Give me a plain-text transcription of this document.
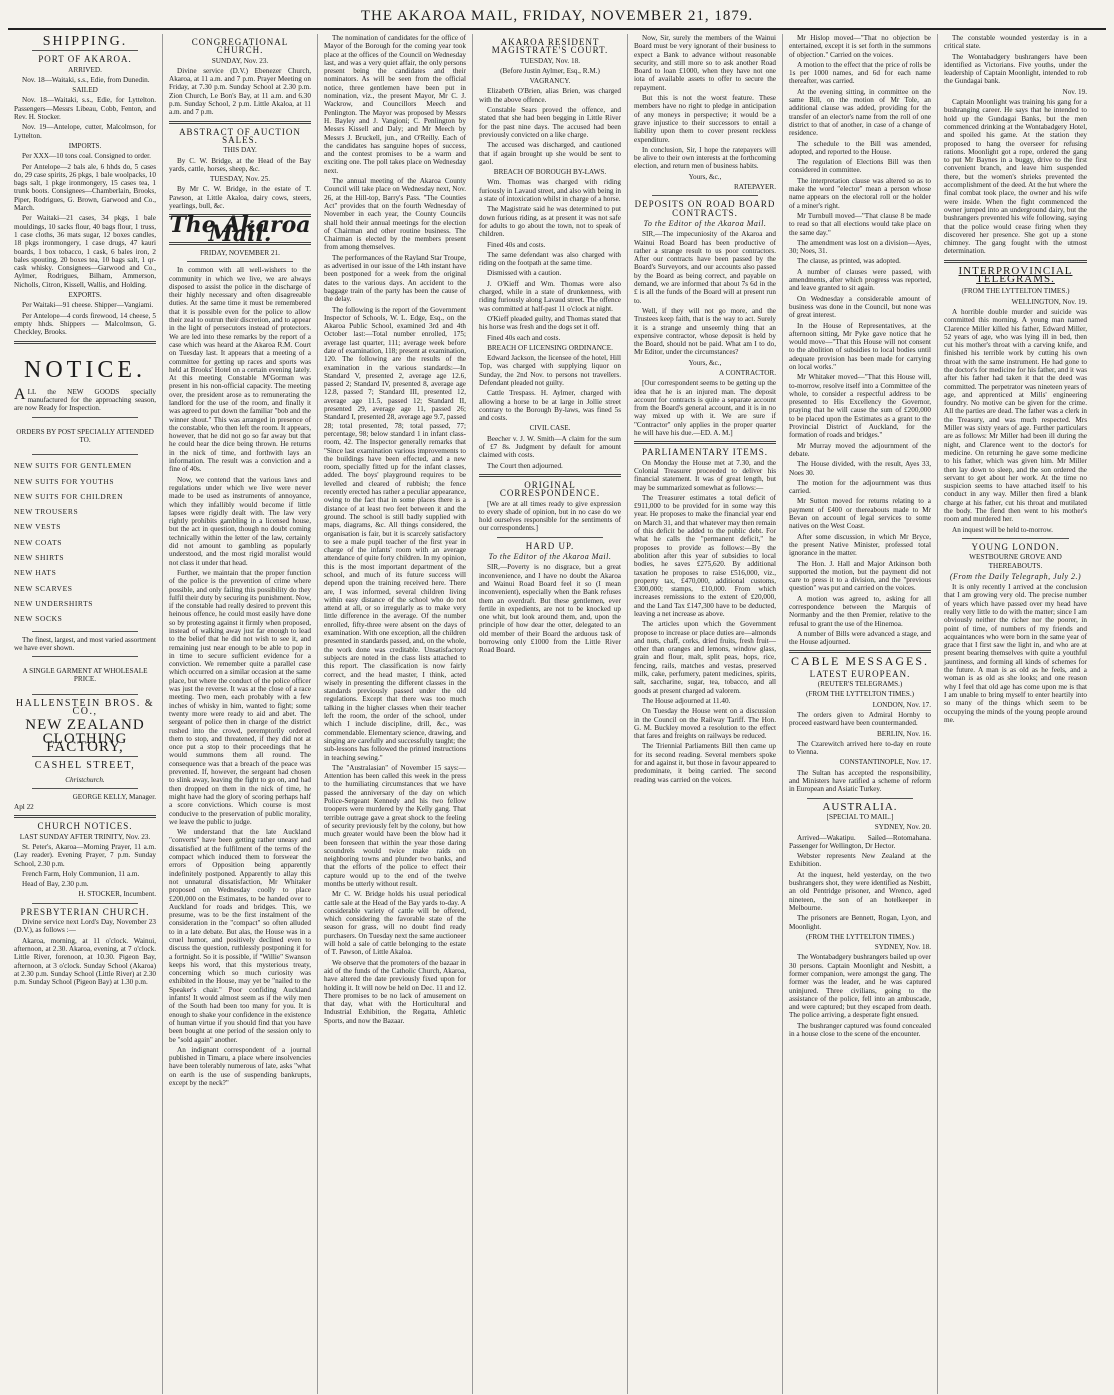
THE AKAROA MAIL, FRIDAY, NOVEMBER 21, 1879.
SHIPPING.
PORT OF AKAROA.

ARRIVED.

Nov. 18—Waitaki, s.s., Edie, from Dunedin.

SAILED

Nov. 18—Waitaki, s.s., Edie, for Lyttelton. Passengers—Messrs Libeau, Cobb, Fenton, and Rev. H. Stocker.

Nov. 19—Antelope, cutter, Malcolmson, for Lyttelton.

IMPORTS.

Per XXX—10 tons coal. Consigned to order.

Per Antelope—2 bals ale, 6 hhds do, 5 cases do, 29 case spirits, 26 pkgs, 1 bale woolpacks, 10 bags salt, 1 pkge ironmongery, 15 cases tea, 1 trunk boots. Consignees—Chamberlain, Brooks, Piper, Rodrigues, G. Brown, Garwood and Co., March.

Per Waitaki—21 cases, 34 pkgs, 1 bale mouldings, 10 sacks flour, 40 bags flour, 1 truss, 1 case cloths, 36 mats sugar, 12 boxes candles, 18 pkgs ironmongery, 1 case drugs, 47 kauri boards, 1 box tobacco, 1 cask, 6 bales iron, 2 bales spouting, 20 boxes tea, 10 bags salt, 1 qr-cask whisky. Consignees—Garwood and Co., Aylmer, Rodrigues, Bilham, Ammerson, Nicholls, Citron, Kissell, Wallis, and Holding.

EXPORTS.

Per Waitaki—91 cheese. Shipper—Vangiami.

Per Antelope—4 cords firewood, 14 cheese, 5 empty hhds. Shippers — Malcolmson, G. Checkley, Brooks.

NOTICE.

ALL the NEW GOODS specially manufactured for the approaching season, are now Ready for Inspection.

ORDERS BY POST SPECIALLY ATTENDED TO.

NEW SUITS FOR GENTLEMEN
NEW SUITS FOR YOUTHS
NEW SUITS FOR CHILDREN
NEW TROUSERS
NEW VESTS
NEW COATS
NEW SHIRTS
NEW HATS
NEW SCARVES
NEW UNDERSHIRTS
NEW SOCKS

The finest, largest, and most varied assortment we have ever shown.

A SINGLE GARMENT AT WHOLESALE PRICE.

HALLENSTEIN BROS. & CO.,
NEW ZEALAND
CLOTHING FACTORY,
CASHEL STREET,

Christchurch.

GEORGE KELLY, Manager.

Apl 22

CHURCH NOTICES.

LAST SUNDAY AFTER TRINITY, Nov. 23.

St. Peter's, Akaroa—Morning Prayer, 11 a.m. (Lay reader). Evening Prayer, 7 p.m. Sunday School, 2.30 p.m.

French Farm, Holy Communion, 11 a.m.

Head of Bay, 2.30 p.m.

H. STOCKER, Incumbent.

PRESBYTERIAN CHURCH.

Divine service next Lord's Day, November 23 (D.V.), as follows :—

Akaroa, morning, at 11 o'clock. Wainui, afternoon, at 2.30. Akaroa, evening, at 7 o'clock. Little River, forenoon, at 10.30. Pigeon Bay, afternoon, at 3 o'clock. Sunday School (Akaroa) at 2.30 p.m. Sunday School (Little River) at 2.30 p.m. Sunday School (Pigeon Bay) at 1.30 p.m.

CONGREGATIONAL CHURCH.

SUNDAY, Nov. 23.

Divine service (D.V.) Ebenezer Church, Akaroa, at 11 a.m. and 7 p.m. Prayer Meeting on Friday, at 7.30 p.m. Sunday School at 2.30 p.m. Zion Church, Le Bon's Bay, at 11 a.m. and 6.30 p.m. Sunday School, 2 p.m. Little Akaloa, at 11 a.m. and 7 p.m.

ABSTRACT OF AUCTION SALES.

THIS DAY.

By C. W. Bridge, at the Head of the Bay yards, cattle, horses, sheep, &c.

TUESDAY, Nov. 25.

By Mr C. W. Bridge, in the estate of T. Pawson, at Little Akaloa, dairy cows, steers, yearlings, bull, &c.

The Akaroa Mail.

FRIDAY, NOVEMBER 21.

In common with all well-wishers to the community in which we live, we are always disposed to assist the police in the discharge of their highly necessary and often disagreeable duties. At the same time it must be remembered that it is possible even for the police to allow their zeal to outrun their discretion, and to appear in the light of persecutors instead of protectors. We are led into these remarks by the report of a case which was heard at the Akaroa R.M. Court on Tuesday last. It appears that a meeting of a committee for getting up races and sports was held at Brooks' Hotel on a certain evening lately. At this meeting Constable M'Gorman was present in his non-official capacity. The meeting over, the president arose as to remunerating the landlord for the use of the room, and finally it was agreed to put down the familiar "bob and the winner shout." This was arranged in presence of the constable, who then left the room. It appears, however, that he did not go so far away but that he could hear the dice being thrown. He returns in the nick of time, and forthwith lays an information. The result was a conviction and a fine of 40s.

Now, we contend that the various laws and regulations under which we live were never made to be used as instruments of annoyance, which they infallibly would become if little lapses were rigidly dealt with. The law very rightly prohibits gambling in a licensed house, but the act in question, though no doubt coming technically within the letter of the law, certainly did not amount to gambling as popularly understood, and the most rigid moralist would not class it under that head.

Further, we maintain that the proper function of the police is the prevention of crime where possible, and only failing this possibility do they fulfil their duty by securing its punishment. Now, if the constable had really desired to prevent this heinous offence, he could most easily have done so by protesting against it firmly when proposed, instead of walking away just far enough to lead to the belief that he did not wish to see it, and remaining just near enough to be able to pop in in time to secure sufficient evidence for a conviction. We remember quite a parallel case which occurred on a similar occasion at the same place, but where the conduct of the police officer was just the reverse. It was at the close of a race meeting. Two men, each probably with a few inches of whisky in him, wanted to fight; some twenty more were ready to aid and abet. The sergeant of police then in charge of the district rushed into the crowd, peremptorily ordered them to stop, and threatened, if they did not at once put a stop to their proceedings that he would summons them all round. The consequence was that a breach of the peace was prevented. If, however, the sergeant had chosen to slink away, leaving the fight to go on, and had then dropped on them in the nick of time, he might have had the glory of scoring perhaps half a score convictions. Which course is most conducive to the preservation of public morality, we leave the public to judge.

We understand that the late Auckland "converts" have been getting rather uneasy and dissatisfied at the fulfilment of the terms of the compact which induced them to forswear the errors of Opposition being apparently indefinitely postponed. Apparently to allay this not unnatural dissatisfaction, Mr Whitaker proposed on Wednesday coolly to place £200,000 on the Estimates, to be handed over to Auckland for roads and bridges. This, we presume, was to be the first instalment of the consideration in the "compact" so often alluded to in a late debate. But alas, the House was in a cruel humor, and positively declined even to discuss the question, ruthlessly postponing it for a fortnight. So it is possible, if "Willie" Swanson keeps his word, that this mysterious treaty, concerning which so much curiosity was exhibited in the House, may yet be "nailed to the Speaker's chair." Poor confiding Auckland infants! It would almost seem as if the wily men of the South had been too many for you. It is enough to shake your confidence in the existence of human virtue if you should find that you have been bought at one period of the session only to be "sold again" another.

An indignant correspondent of a journal published in Timaru, a place where insolvencies have been tolerably numerous of late, asks "what on earth is the use of suspending bankrupts, except by the neck?"

The nomination of candidates for the office of Mayor of the Borough for the coming year took place at the offices of the Council on Wednesday last, and was a very quiet affair, the only persons present being the candidates and their nominators. As will be seen from the official notice, three gentlemen have been put in nomination, viz., the present Mayor, Mr C. J. Wackrow, and Councillors Meech and Penlington. The Mayor was proposed by Messrs H. Bayley and J. Vangioni; C. Penlington by Messrs Kissell and Daly; and Mr Meech by Messrs J. Bruckell, jun., and O'Reilly. Each of the candidates has sanguine hopes of success, and the contest promises to be a warm and exciting one. The poll takes place on Wednesday next.

The annual meeting of the Akaroa County Council will take place on Wednesday next, Nov. 26, at the Hill-top, Barry's Pass. "The Counties Act" provides that on the fourth Wednesday of November in each year, the County Councils shall hold their annual meetings for the election of Chairman and other routine business. The Chairman is elected by the members present from among themselves.

The performances of the Rayland Star Troupe, as advertised in our issue of the 14th instant have been postponed for a week from the original dates to the various days. An accident to the baggage train of the party has been the cause of the delay.

The following is the report of the Government Inspector of Schools, W. L. Edge, Esq., on the Akaroa Public School, examined 3rd and 4th October last:—Total number enrolled, 175; average last quarter, 111; average week before date of examination, 118; present at examination, 120. The following are the results of the examination in the various standards:—In Standard V, presented 2, average age 12.6, passed 2; Standard IV, presented 8, average age 12.8, passed 7; Standard III, presented 12, average age 11.5, passed 12; Standard II, presented 29, average age 11, passed 26; Standard I, presented 28, average age 9.7, passed 28; total presented, 78; total passed, 77; percentage, 98; below standard 1 in infant class-room, 42. The Inspector generally remarks that "Since last examination various improvements to the buildings have been effected, and a new room, specially fitted up for the infant classes, added. The boys' playground requires to be levelled and cleared of rubbish; the fence recently erected has rather a peculiar appearance, owing to the fact that in some places there is a distance of at least two feet between it and the ground. The school is still badly supplied with maps, diagrams, &c. All things considered, the organisation is fair, but it is scarcely satisfactory to see a male pupil teacher of the first year in charge of the infants' room with an average attendance of quite forty children. In my opinion, this is the most important department of the school, and much of its future success will depend upon the training received here. There are, I was informed, several children living within easy distance of the school who do not attend at all, or so irregularly as to make very little difference in the average. Of the number enrolled, fifty-three were absent on the days of examination. With one exception, all the children presented in standards passed, and, on the whole, the work done was creditable. Unsatisfactory subjects are noted in the class lists attached to this report. The classification is now fairly correct, and the head master, I think, acted wisely in presenting the different classes in the standards previously passed under the old regulations. Except that there was too much talking in the higher classes when their teacher left the room, the order of the school, under which I include discipline, drill, &c., was commendable. Elementary science, drawing, and singing are carefully and successfully taught; the sub-lessons has followed the printed instructions in teaching sewing."

The "Australasian" of November 15 says:—Attention has been called this week in the press to the humiliating circumstances that we have passed the anniversary of the day on which Police-Sergeant Kennedy and his two fellow troopers were murdered by the Kelly gang. That terrible outrage gave a great shock to the feeling of security previously felt by the colony, but how much greater would have been the blow had it been foreseen that within the year those daring scoundrels would twice make raids on neighboring towns and plunder two banks, and that the efforts of the police to effect their capture would up to the end of the twelve months be utterly without result.

Mr C. W. Bridge holds his usual periodical cattle sale at the Head of the Bay yards to-day. A considerable variety of cattle will be offered, which considering the favorable state of the season for grass, will no doubt find ready purchasers. On Tuesday next the same auctioneer will hold a sale of cattle belonging to the estate of T. Pawson, of Little Akaloa.

We observe that the promoters of the bazaar in aid of the funds of the Catholic Church, Akaroa, have altered the date previously fixed upon for holding it. It will now be held on Dec. 11 and 12. There promises to be no lack of amusement on that day, what with the Horticultural and Industrial Exhibition, the Regatta, Athletic Sports, and now the Bazaar.

AKAROA RESIDENT MAGISTRATE'S COURT.

TUESDAY, Nov. 18.

(Before Justin Aylmer, Esq., R.M.)

VAGRANCY.

Elizabeth O'Brien, alias Brien, was charged with the above offence.

Constable Sears proved the offence, and stated that she had been begging in Little River for the past nine days. The accused had been previously convicted on a like charge.

The accused was discharged, and cautioned that if again brought up she would be sent to gaol.

BREACH OF BOROUGH BY-LAWS.

Wm. Thomas was charged with riding furiously in Lavaud street, and also with being in a state of intoxication whilst in charge of a horse.

The Magistrate said he was determined to put down furious riding, as at present it was not safe for adults to go about the town, not to speak of children.

Fined 40s and costs.

The same defendant was also charged with riding on the footpath at the same time.

Dismissed with a caution.

J. O'Kieff and Wm. Thomas were also charged, while in a state of drunkenness, with riding furiously along Lavaud street. The offence was committed at half-past 11 o'clock at night.

O'Kieff pleaded guilty, and Thomas stated that his horse was fresh and the dogs set it off.

Fined 40s each and costs.

BREACH OF LICENSING ORDINANCE.

Edward Jackson, the licensee of the hotel, Hill Top, was charged with supplying liquor on Sunday, the 2nd Nov. to persons not travellers. Defendant pleaded not guilty.

Cattle Trespass. H. Aylmer, charged with allowing a horse to be at large in Jollie street contrary to the Borough By-laws, was fined 5s and costs.

CIVIL CASE.

Beecher v. J. W. Smith—A claim for the sum of £7 8s. Judgment by default for amount claimed with costs.

The Court then adjourned.

ORIGINAL CORRESPONDENCE.

[We are at all times ready to give expression to every shade of opinion, but in no case do we hold ourselves responsible for the sentiments of our correspondents.]

HARD UP.
To the Editor of the Akaroa Mail.

SIR,—Poverty is no disgrace, but a great inconvenience, and I have no doubt the Akaroa and Wainui Road Board feel it so (I mean inconvenient), especially when the Bank refuses them an overdraft. But these gentlemen, ever fertile in expedients, are not to be knocked up one whit, but look around them, and, upon the principle of how dear the otter, delegated to an old member of their Board the arduous task of borrowing only £1000 from the Little River Road Board.

Now, Sir, surely the members of the Wainui Board must be very ignorant of their business to expect a Bank to advance without reasonable security, and still more so to ask another Road Board to loan £1000, when they have not one iota of available assets to offer to secure the repayment.

But this is not the worst feature. These members have no right to pledge in anticipation of any moneys in perspective; it would be a grave injustice to their successors to entail a liability upon them to cover present reckless expenditure.

In conclusion, Sir, I hope the ratepayers will be alive to their own interests at the forthcoming election, and return men of business habits.

Yours, &c.,

RATEPAYER.

DEPOSITS ON ROAD BOARD CONTRACTS.
To the Editor of the Akaroa Mail.

SIR,—The impecuniosity of the Akaroa and Wainui Road Board has been productive of rather a strange result to us poor contractors. After our contracts have been passed by the Board's Surveyors, and our accounts also passed by the Board as being correct, and payable on demand, we are informed that about 7s 6d in the £ is all the funds of the Board will at present run to.

Well, if they will not go more, and the Trustees keep faith, that is the way to act. Surely it is a strange and unseemly thing that an expensive contractor, whose deposit is held by the Board, should not be paid. What am I to do, Mr Editor, under the circumstances?

Yours, &c.,

A CONTRACTOR.

[Our correspondent seems to be getting up the idea that he is an injured man. The deposit account for contracts is quite a separate account from the Board's general account, and it is in no way mixed up with it. We are sure if "Contractor" only applies in the proper quarter he will have his due.—ED. A. M.]

PARLIAMENTARY ITEMS.

On Monday the House met at 7.30, and the Colonial Treasurer proceeded to deliver his financial statement. It was of great length, but may be summarized somewhat as follows:—

The Treasurer estimates a total deficit of £911,000 to be provided for in some way this year. He proposes to make the financial year end on March 31, and that whatever may then remain of this deficit be added to the public debt. For what he calls the "permanent deficit," he proposes to provide as follows:—By the abolition after this year of subsidies to local bodies, he saves £275,620. By additional taxation he proposes to raise £516,000, viz., property tax, £470,000, additional customs, £300,000; stamps, £10,000. From which increases remissions to the extent of £20,000, and the Land Tax £147,300 have to be deducted, leaving a net increase as above.

The articles upon which the Government propose to increase or place duties are—almonds and nuts, chaff, corks, dried fruits, fresh fruit—other than oranges and lemons, window glass, grain and flour, malt, split peas, hops, rice, fencing, rails, matches and vestas, preserved milk, cake, perfumery, patent medicines, spirits, salt, saccharine, sugar, tea, tobacco, and all goods at present charged ad valorem.

The House adjourned at 11.40.

On Tuesday the House went on a discussion in the Council on the Railway Tariff. The Hon. G. M. Buckley moved a resolution to the effect that fares and freights on railways be reduced.

The Triennial Parliaments Bill then came up for its second reading. Several members spoke for and against it, but those in favour appeared to predominate, it being carried. The second reading was carried on the voices.

Mr Hislop moved—"That no objection be entertained, except it is set forth in the summons of objection." Carried on the voices.

A motion to the effect that the price of rolls be 1s per 1000 names, and 6d for each name thereafter, was carried.

At the evening sitting, in committee on the same Bill, on the motion of Mr Tole, an additional clause was added, providing for the transfer of an elector's name from the roll of one district to that of another, in case of a change of residence.

The schedule to the Bill was amended, adopted, and reported to the House.

The regulation of Elections Bill was then considered in committee.

The interpretation clause was altered so as to make the word "elector" mean a person whose name appears on the electoral roll or the holder of a miner's right.

Mr Turnbull moved—"That clause 8 be made to read so that all elections would take place on the same day."

The amendment was lost on a division—Ayes, 30; Noes, 31.

The clause, as printed, was adopted.

A number of clauses were passed, with amendments, after which progress was reported, and leave granted to sit again.

On Wednesday a considerable amount of business was done in the Council, but none was of great interest.

In the House of Representatives, at the afternoon sitting, Mr Pyke gave notice that he would move—"That this House will not consent to the abolition of subsidies to local bodies until adequate provision has been made for carrying on local works."

Mr Whitaker moved—"That this House will, to-morrow, resolve itself into a Committee of the whole, to consider a respectful address to be presented to His Excellency the Governor, praying that he will cause the sum of £200,000 to be placed upon the Estimates as a grant to the Provincial District of Auckland, for the formation of roads and bridges."

Mr Murray moved the adjournment of the debate.

The House divided, with the result, Ayes 33, Noes 30.

The motion for the adjournment was thus carried.

Mr Sutton moved for returns relating to a payment of £400 or thereabouts made to Mr Bevan on account of legal services to some natives on the West Coast.

After some discussion, in which Mr Bryce, the present Native Minister, professed total ignorance in the matter.

The Hon. J. Hall and Major Atkinson both supported the motion, but the payment did not care to press it to a division, and the "previous question" was put and carried on the voices.

A motion was agreed to, asking for all correspondence between the Marquis of Normanby and the then Premier, relative to the refusal to grant the use of the Hinemoa.

A number of Bills were advanced a stage, and the House adjourned.

CABLE MESSAGES.
LATEST EUROPEAN.

(REUTER'S TELEGRAMS.)

(FROM THE LYTTELTON TIMES.)

LONDON, Nov. 17.

The orders given to Admiral Hornby to proceed eastward have been countermanded.

BERLIN, Nov. 16.

The Czarewitch arrived here to-day en route to Vienna.

CONSTANTINOPLE, Nov. 17.

The Sultan has accepted the responsibility, and Ministers have ratified a scheme of reform in European and Asiatic Turkey.

AUSTRALIA.

[SPECIAL TO MAIL.]

SYDNEY, Nov. 20.

Arrived—Wakatipu. Sailed—Rotomahana. Passenger for Wellington, Dr Hector.

Webster represents New Zealand at the Exhibition.

At the inquest, held yesterday, on the two bushrangers shot, they were identified as Nesbitt, an old Pentridge prisoner, and Wrenco, aged nineteen, the son of an hotelkeeper in Melbourne.

The prisoners are Bennett, Rogan, Lyon, and Moonlight.

(FROM THE LYTTELTON TIMES.)

SYDNEY, Nov. 18.

The Wontabadgery bushrangers bailed up over 30 persons. Captain Moonlight and Nesbitt, a former companion, were amongst the gang. The former was the leader, and he was captured uninjured. Three civilians, going to the assistance of the police, fell into an ambuscade, and were captured; but they escaped from death. The police arriving, a desperate fight ensued.

The bushranger captured was found concealed in a house close to the scene of the encounter.

The constable wounded yesterday is in a critical state.

The Wontabadgery bushrangers have been identified as Victorians. Five youths, under the leadership of Captain Moonlight, intended to rob the Gundagai bank.

Nov. 19.

Captain Moonlight was training his gang for a bushranging career. He says that he intended to hold up the Gundagai Banks, but the men commenced drinking at the Wontabadgery Hotel, and spoiled his game. At the station they proposed to hang the overseer for refusing rations. Moonlight got a rope, ordered the gang to put Mr Baynes in a buggy, drive to the first convenient branch, and leave him suspended there, but the women's shrieks prevented the accomplishment of the deed. At the hut where the final combat took place, the owner and his wife were inside. When the fight commenced the owner jumped into an underground dairy, but the bushrangers prevented his wife following, saying that the police would cease firing when they discovered her presence. She got up a stone chimney. The gang fought with the utmost determination.

INTERPROVINCIAL TELEGRAMS.

(FROM THE LYTTELTON TIMES.)

WELLINGTON, Nov. 19.

A horrible double murder and suicide was committed this morning. A young man named Clarence Miller killed his father, Edward Miller, 52 years of age, who was lying ill in bed, then cut his mother's throat with a carving knife, and finished his terrible work by cutting his own throat with the same instrument. He had gone to the doctor's for medicine for his father, and it was after his father had taken it that the deed was committed. The perpetrator was nineteen years of age, and apprenticed at Mills' engineering foundry. No motive can be given for the crime. All the parties are dead. The father was a clerk in the Treasury, and was much respected. Mrs Miller was sixty years of age. Further particulars are as follows: Mr Miller had been ill during the night, and Clarence went to the doctor's for medicine. On returning he gave some medicine to his father, which was given him. Mr Miller then lay down to sleep, and the son ordered the servant to get about her work. At the time no suspicion seems to have attached itself to his conduct in any way. Miller then fired a blank charge at his father, cut his throat and mutilated the body. The fiend then went to his mother's room and murdered her.

An inquest will be held to-morrow.

YOUNG LONDON.

WESTBOURNE GROVE AND THEREABOUTS.

(From the Daily Telegraph, July 2.)

It is only recently I arrived at the conclusion that I am growing very old. The precise number of years which have passed over my head have really very little to do with the matter; since I am obviously neither the richer nor the poorer, in point of time, of numbers of my friends and acquaintances who were born in the same year of grace that I first saw the light in, and who are at present bearing themselves with quite a youthful jauntiness, and forming all kinds of schemes for the future. A man is as old as he feels, and a woman is as old as she looks; and one reason why I feel that old age has come upon me is that I am unable to bring myself to enter heartily into so many of the things which seem to be occupying the minds of the young people around me.
